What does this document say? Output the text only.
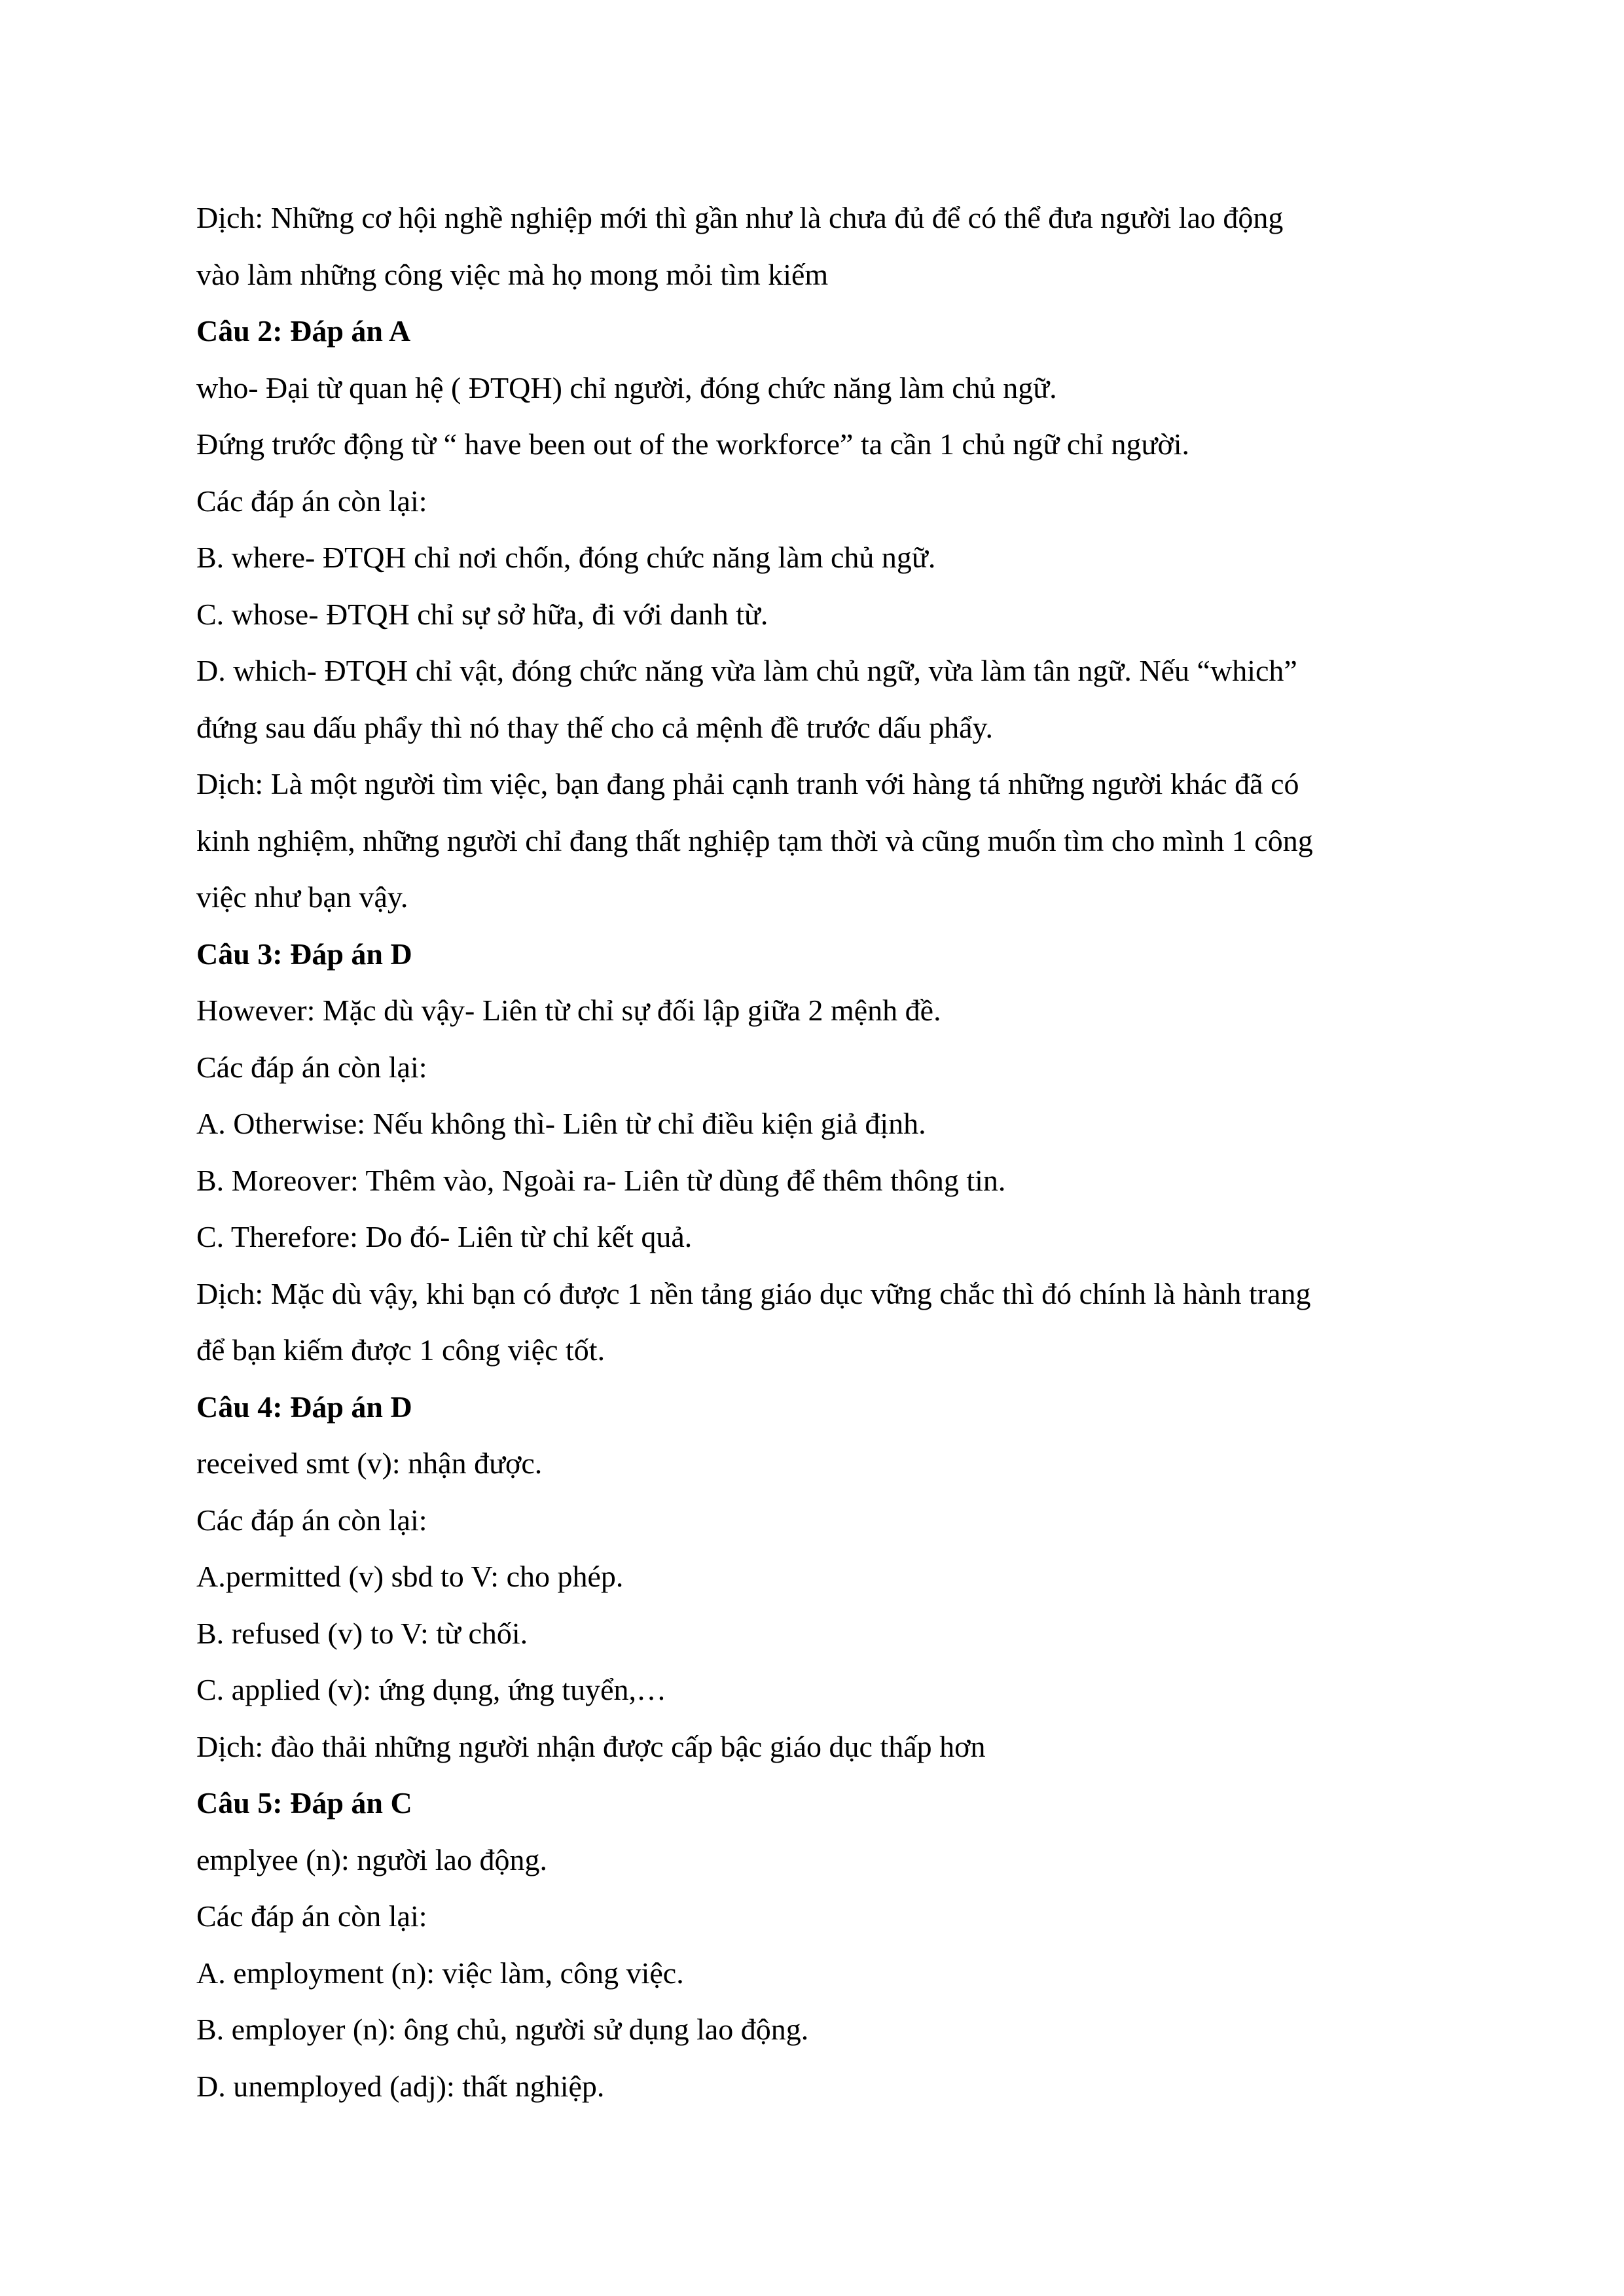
Dịch: Những cơ hội nghề nghiệp mới thì gần như là chưa đủ để có thể đưa người lao động
vào làm những công việc mà họ mong mỏi tìm kiếm
Câu 2: Đáp án A
who- Đại từ quan hệ ( ĐTQH) chỉ người, đóng chức năng làm chủ ngữ.
Đứng trước động từ “ have been out of the workforce” ta cần 1 chủ ngữ chỉ người.
Các đáp án còn lại:
B. where- ĐTQH chỉ nơi chốn, đóng chức năng làm chủ ngữ.
C. whose- ĐTQH chỉ sự sở hữa, đi với danh từ.
D. which- ĐTQH chỉ vật, đóng chức năng vừa làm chủ ngữ, vừa làm tân ngữ. Nếu “which”
đứng sau dấu phẩy thì nó thay thế cho cả mệnh đề trước dấu phẩy.
Dịch: Là một người tìm việc, bạn đang phải cạnh tranh với hàng tá những người khác đã có
kinh nghiệm, những người chỉ đang thất nghiệp tạm thời và cũng muốn tìm cho mình 1 công
việc như bạn vậy.
Câu 3: Đáp án D
However: Mặc dù vậy- Liên từ chỉ sự đối lập giữa 2 mệnh đề.
Các đáp án còn lại:
A. Otherwise: Nếu không thì- Liên từ chỉ điều kiện giả định.
B. Moreover: Thêm vào, Ngoài ra- Liên từ dùng để thêm thông tin.
C. Therefore: Do đó- Liên từ chỉ kết quả.
Dịch: Mặc dù vậy, khi bạn có được 1 nền tảng giáo dục vững chắc thì đó chính là hành trang
để bạn kiếm được 1 công việc tốt.
Câu 4: Đáp án D
received smt (v): nhận được.
Các đáp án còn lại:
A.permitted (v) sbd to V: cho phép.
B. refused (v) to V: từ chối.
C. applied (v): ứng dụng, ứng tuyển,…
Dịch: đào thải những người nhận được cấp bậc giáo dục thấp hơn
Câu 5: Đáp án C
emplyee (n): người lao động.
Các đáp án còn lại:
A. employment (n): việc làm, công việc.
B. employer (n): ông chủ, người sử dụng lao động.
D. unemployed (adj): thất nghiệp.
